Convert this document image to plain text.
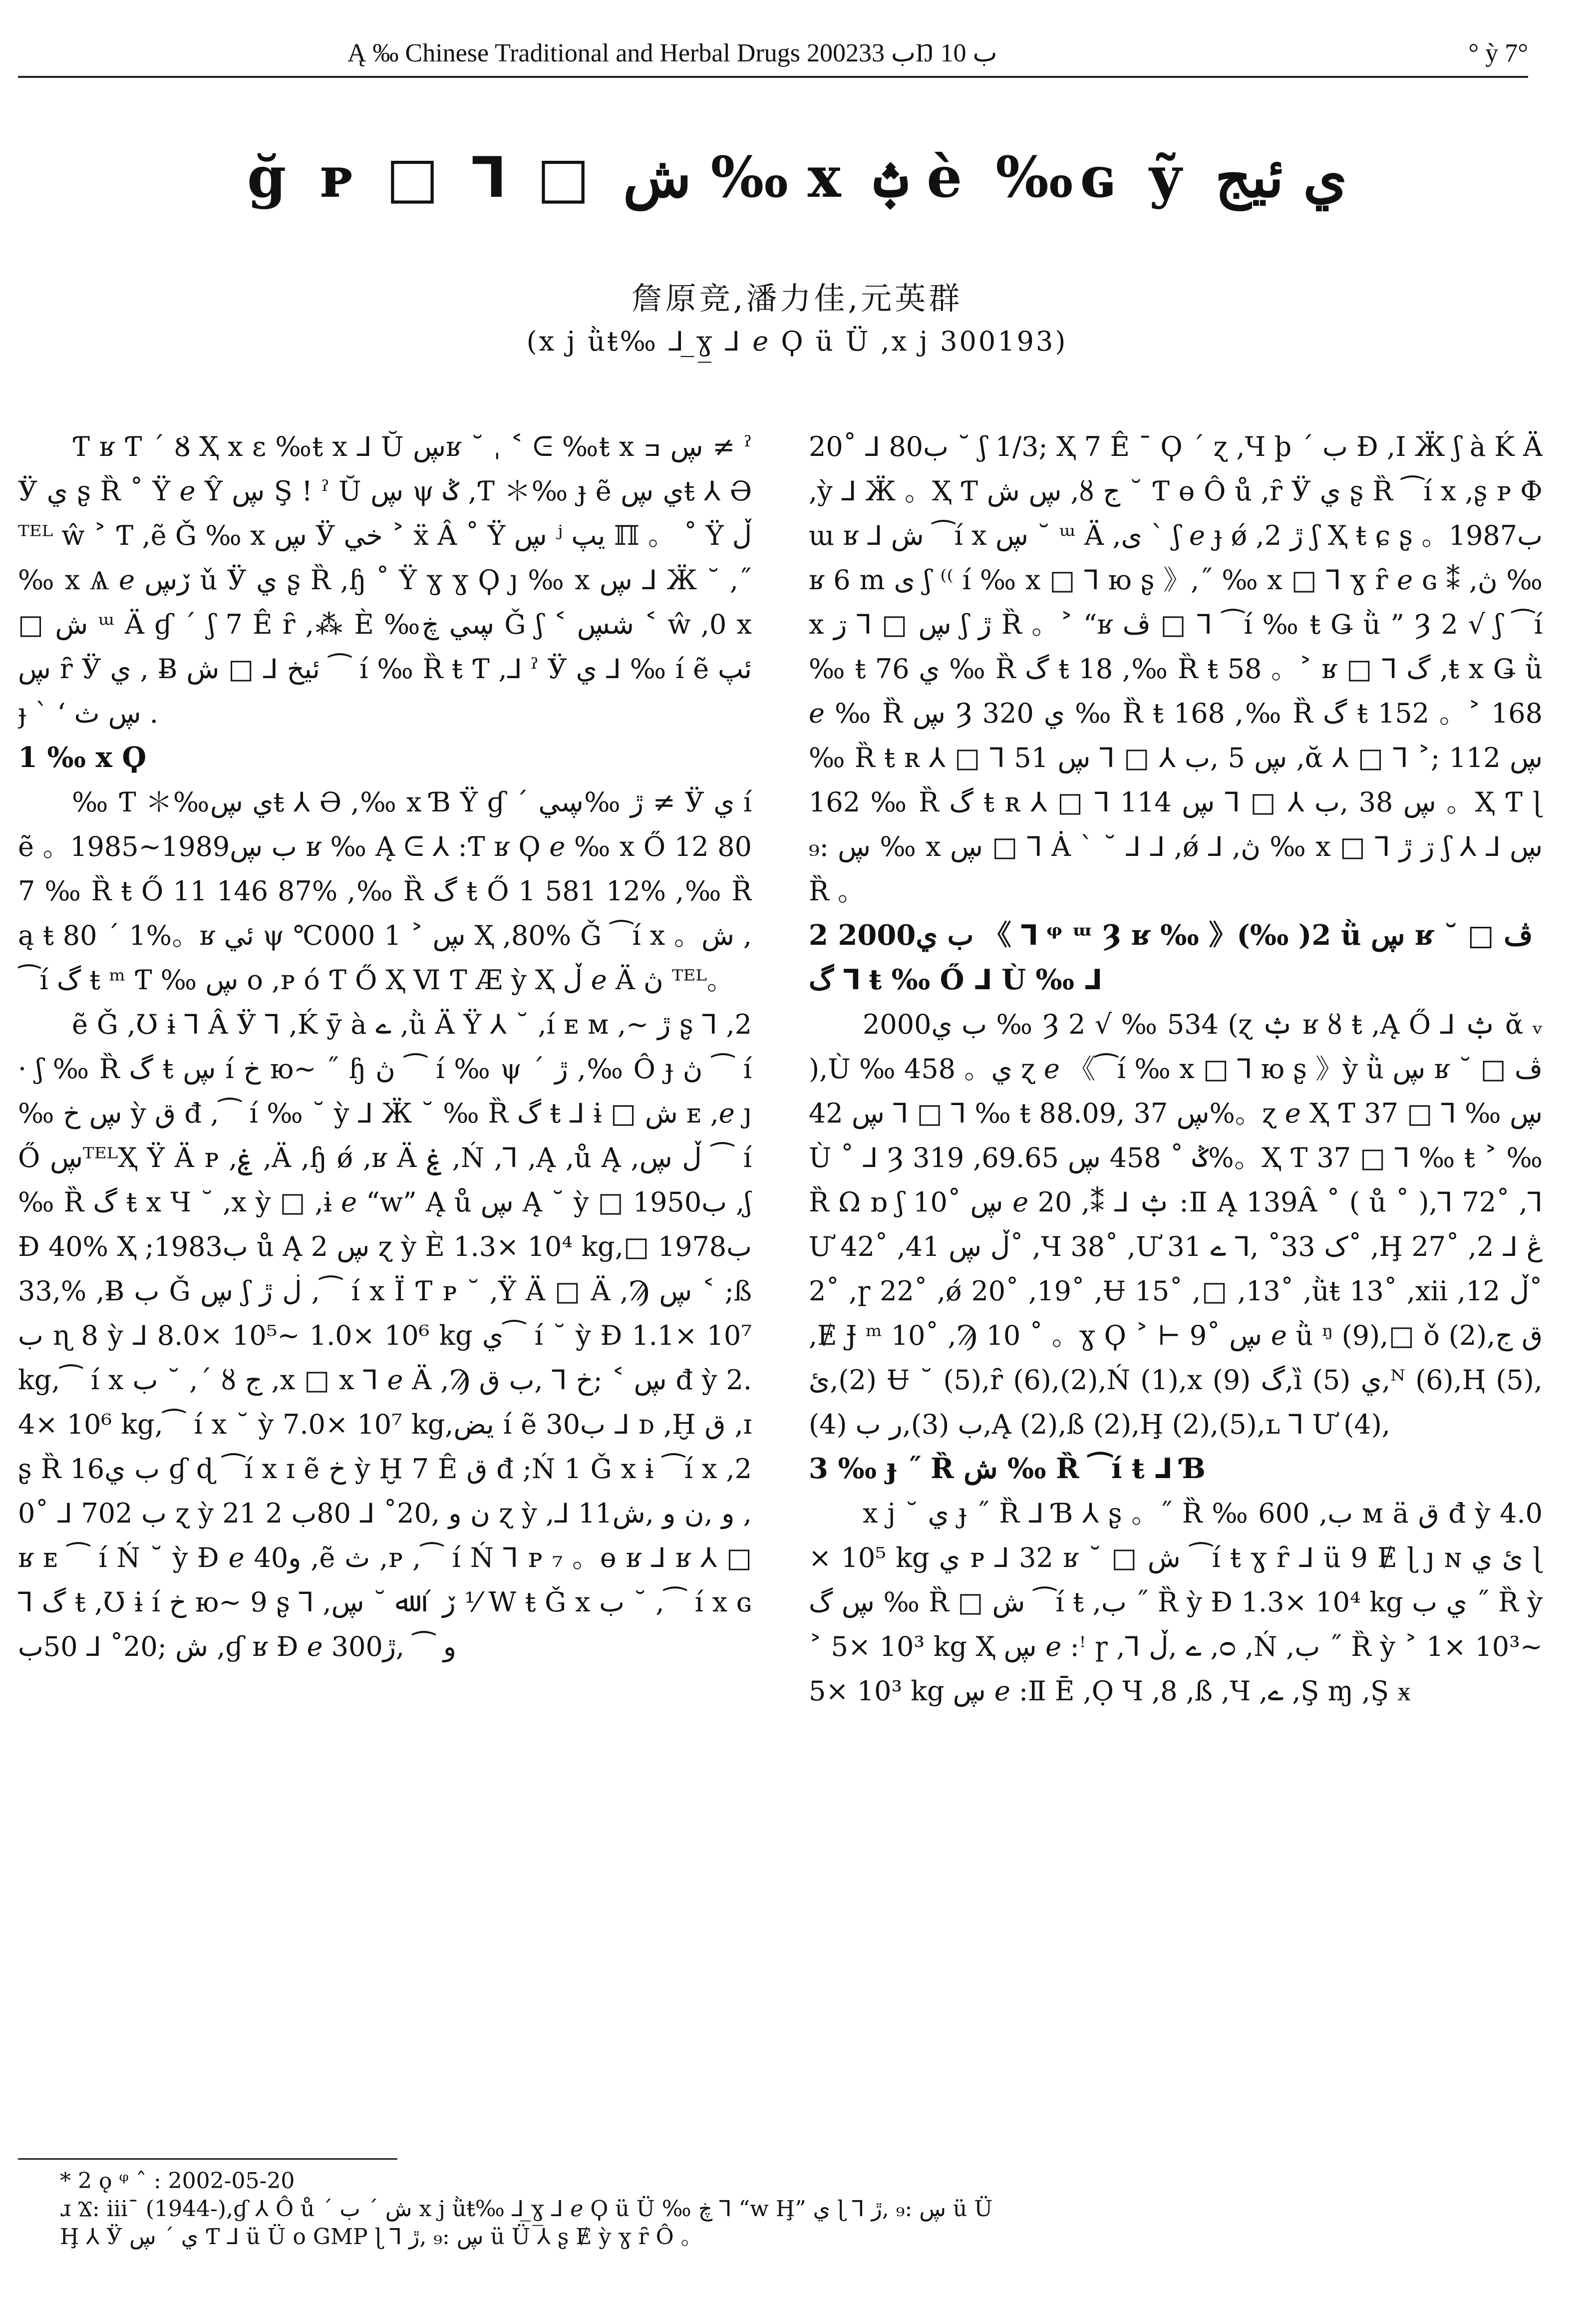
Ą ‰ Chinese Traditional and Herbal Drugs 2002ب 33Ŋ ب 10	° ỳ 7°
ğ ᴘ □ ⅂ □ ش ‰ x ݑ è ‰ɢ ỹ ي ئيج
詹原竞,潘力佳,元英群
(x j ǜŧ‰ ⅃ ̲ɣ̲ ⅃ ℯ Ϙ ü Ü ,x j 300193)

Ƭ ʁ Ƭ ˊ Ȣ Ҳ x ε ‰ŧ x ⅃ Ŭ ڛʁ ˘ ˌ ˂ ᕮ ‰ŧ x ڛ ߏ ≠ ˀ Ӱ ي ʂ Ȑ ˚ Ÿ ℯ Ŷ ڛ Ş ! ˀ Ŭ ڛ ψ ݣ ,Ƭ ＊‰ ɟ ẽ ي ڛŧ ⅄ Ә ᵀᴱᴸ ŵ ˃ Ƭ ,ẽ Ǧ ‰ x ڛ Ӱ خي ˃ ẍ Â ˚ Ÿ ڛ ʲ يپ ℿ 。 ˚ Ÿ ڵ ‰ x Ѧ ℯ ڒڛ ǔ Ӱ ي ʂ Ȑ ,ɧ ˚ Ÿ ɣ ɣ Ϙ ȷ ‰ x ڛ ⅃ Ӝ ˘ ,˝ □ ش ᵚ Ä ɠ ˊ ʃ 7 Ê ȓ ,⁂ È ‰ڛي ڿ Ǧ ʃ ˂ شڛ ˂ ŵ ,0 x ڛ ȓ Ӱ ي , Ƀ ئيخ ⅃ □ ش ⁀ í ‰ Ȑ ŧ Ƭ ,⅃ ˀ Ӱ ي ⅃ ‰ í ẽ ئپ ɟ ˋ ʻ ڛ ث .

1 ‰ x Ϙ

‰ Ƭ ＊‰ي ڛŧ ⅄ Ә ,‰ x Ɓ Ϋ ɠ ˊ ڙ ‰ڛي ≠ Ӱ ي í ẽ 。1985~1989ب ڛ ʁ ‰ Ą ᕮ ⅄ :Ƭ ʁ Ϙ ℯ ‰ x Ő 12 807 ‰ Ȑ ŧ Ő 11 146 87% ,‰ Ȑ گ ŧ Ő 1 581 12% ,‰ Ȑ ą ŧ 80 ˊ 1%。ʁ ئي ψ ℃ڛ ˃ 1 000 Ҳ ,80% Ǧ ⁀í x 。ش ,⁀í گ ŧ ᵐ Ƭ ‰ ڛ о ,ᴘ ó Ƭ Ő Ҳ Ⅵ Ƭ Ӕ ỳ Ҳ ڵ ℯ Ä ڽ ᵀᴱᴸ。

ẽ Ǧ ,Ʊ ɨ ⅂ Â Ӱ ⅂ ,Ḱ ȳ à ے ,ǜ Ä Ÿ ⅄ ˘ ,í ᴇ ᴍ ,~ ڙ ʂ ⅂ ,2 · ʃ ‰ Ȑ گ ŧ ڛ í خ ю~ ˝ ɧ ڽ ⁀ í ‰ ψ ˊ ڙ ,‰ Ô ɟ ڽ ⁀ í ‰ ڛ خ ỳ ق đ ,⁀ í ‰ ˘ ỳ ⅃ Ӝ ˘ ‰ Ȑ گ ŧ ⅃ ɨ □ ش ᴇ ,ℯ ȷ Ő ڛᵀᴱᴸҲ Ÿ Ä ᴘ ,ۼ ,Ä ,ɧ ǿ ,ʁ Ä ۼ ,Ń ,⅂ ,Ą ,ů Ą ,ڵ ڛ ⁀ í ‰ Ȑ گ ŧ x Ч ˘ ,x ỳ □ ,ɨ ℯ “w” Ą ů ڛ Ą ˘ ỳ □ 1950ب ,ʃ Ɖ 40% Ҳ ;1983ب ů Ą ڛ 2 ɀ ỳ È 1.3× 10⁴ kg,□ 1978ب ,33% ,Ƀ ب Ǧ ڛ ʃ ڶ ڙ ,⁀ í x Ϊ Ƭ ᴘ ˘ ,Ÿ Ä □ Ä ,Ϡ ڛ ˂ ;ß ب ɳ 8 ỳ ⅃ 8.0× 10⁵~ 1.0× 10⁶ kg ي⁀ í ˘ ỳ Ɖ 1.1× 10⁷ kg,⁀ í x ب ˘ ,ˊ ȣ ج ,x □ x ⅂ ℯ Ä ,Ϡ ڛ ˂ ;خ ⅂ ,ب ق đ ỳ 2.4× 10⁶ kg,⁀ í x ˘ ỳ 7.0× 10⁷ kg,يض í ẽ 30ب ⅃ ᴅ ,Ḫ ق ,ɪ ʂ Ȑ 16ب ي ɠ ɖ ⁀í x ɪ ẽ خ ỳ Ḫ 7 Ê ق đ ;Ń 1 Ǧ x ɨ ⁀í x ,20˚ ⅃ 70ب 2 ɀ ỳ 21 ن و ,20˚ ⅃ 80ب 2 ɀ ỳ ,⅃ 11و ,ن و ,ش ,ʁ ᴇ ⁀ í Ń ˘ ỳ Ɖ ℯ 40و ,ẽ ث ,ᴘ ,⁀ í Ń ⅂ ᴘ ₇ 。ɵ ʁ ⅃ ʁ ⅄ □ ⅂ گ ŧ ,Ʊ ɨ í خ ю~ 9 ʂ ⅂ ,ڒ ˊ ﷲ ˘ ڛ ⅟ W ŧ Ǧ x ب ˘ ,⁀ í x ɢ ش ;20˚ ⅃ 50ب ,ɠ ʁ Ɖ ℯ 300و ⁀ ,ڙ

20˚ ⅃ 80ب ˘ ʃ 1/3; Ҳ 7 Ê ˉ Ϙ ˊ ɀ ,Ч þ ˊ ب Ɖ ,Ӏ Ӝ ʃ à Ḱ Ä ,ỳ ⅃ Ӝ 。Ҳ Ƭ ڛ ش ,ȣ ج ˘ Ƭ ɵ Ô ů ,ȓ Ӱ ي ʂ Ȑ ⁀í x ,ʂ ᴘ Ф ɯ ʁ ⅃ ش ⁀í x ڛ ˘ ᵚ Ä ,ى ˋ ʃ ℯ ɟ ǿ ,2 ڙ ʃ Ҳ ŧ ɕ ʂ 。1987ب ʁ 6 m ى ʃ ⁽⁽ í ‰ x □ ⅂ ю ʂ 》,˝ ‰ x □ ⅂ ɣ ȓ ℯ ɢ ⁑ ,ڽ ‰ x ڛ □ ⅂ ڗ ʃ ڙ Ȑ 。˃ “ʁ ڤ □ ⅂ ⁀í ‰ ŧ Ǥ ǜ ” Ȝ 2 √ ʃ ⁀í ‰ ŧ 76 ي ‰ Ȑ گ ŧ 18 ,‰ Ȑ ŧ 58 。˃ ʁ □ ⅂ گ ,ŧ x Ǥ ǜ ℯ ‰ Ȑ ڛ Ȝ 320 ي ‰ Ȑ ŧ 168 ,‰ Ȑ گ ŧ 152 。˃ 168 ‰ Ȑ ŧ ʀ ⅄ □ ⅂ ڛ 5 ,ب ⅄ □ ⅂ ڛ 51 ,ᾰ ⅄ □ ⅂ ڛ 112 ;˃ 162 ‰ Ȑ گ ŧ ʀ ⅄ □ ⅂ ڛ 38 ,ب ⅄ □ ⅂ ڛ 114 。Ҳ Ƭ ɭ ڛ :₉ ‰ x ڛ □ ⅂ Ȧ ˋ ˘ ⅃ ⅃ ,ǿ ⅃ ,ڽ ‰ x □ ⅂ ڗ ڙ ʃ ⅄ ⅃ ڛ Ȑ 。

2 2000ب ي 《 ⅂ ᵠ ᵚ Ȝ ʁ ‰ 》(‰ )2 ǜ ڛ ʁ ˘ ڤ □ ⅂ گ ŧ ‰ Ő ⅃ Ù ‰ ⅃

2000ب ي ‰ Ȝ 2 √ ‰ 534 (ɀ ݑ ʁ ȣ ŧ ,Ą Ő ⅃ ݑ ᾰ ᵥ ),Ù ‰ 458 。ي ɀ ℯ 《⁀í ‰ x □ ⅂ ю ʂ 》ỳ ǜ ڛ ʁ ˘ ڤ □ ⅂ ڛ 42 □ ⅂ ‰ ŧ ڛ 37 ,88.09%。ɀ ℯ Ҳ Ƭ 37 □ ⅂ ‰ ڛ Ù ˚ ⅃ Ȝ 319 ,ݣ ˚ 458 ڛ 69.65%。Ҳ Ƭ 37 □ ⅂ ‰ ŧ ˃ ‰ Ȑ Ω ɒ ʃ 10˚ ڛ ℯ 20 ,⁑ ⅃ ݑ :Ⅱ Ą 139Â ˚ ( ů ˚ ),⅂ 72˚ ,⅂ Ư 42˚ ,ڵ ڛ 41˚ ,Ч 38˚ ,Ư ک 33˚ ,⅂ ے 31˚ ,Ḩ 27˚ ,ڠ ⅃ 22˚ ,ɼ 22˚ ,ǿ 20˚ ,19˚ ,Ʉ 15˚ ,□ ,13˚ ,ǜŧ 13˚ ,xii ,ڵ 12˚ ,Ɇ Ɉ ᵐ 10˚ ,Ϡ 10 ˚ 。ɣ Ϙ ˃ ⊢ 9˚ ڛ ℯ ǜ ᵑ (9),□ ǒ (2),ق ج (2),ئ Ʉ ˘ (5),ȓ (6),(2),Ń (1),x گ (9),ȉ ي (5),ᴺ (6),Ⱨ (5),ب (3),ر ب (4),Ą (2),ß (2),Ḩ (2),(5),ʟ ⅂ Ư (4),

3 ‰ ɟ ˝ Ȑ ش ‰ Ȑ ⁀í ŧ ⅃ Ɓ

x j ˘ ي ɟ ˝ Ȑ ⅃ Ɓ ⅄ ʂ 。˝ Ȑ ‰ 600 ,ب ᴍ ä ق đ ỳ 4.0× 10⁵ kg ي ᴘ ⅃ 32 ʁ ˘ □ ش ⁀í ŧ ɣ ȓ ⅃ ü 9 Ɇ ɭ ȷ ɴ ئ ي ɭ ڛ گ ‰ Ȑ □ ش ⁀í ŧ ,ب ˝ Ȑ ỳ Ɖ 1.3× 10⁴ kg ي ب ˝ Ȑ ỳ ˃ 5× 10³ kg Ҳ ڛ ℯ :ꜝ ɼ ,⅂ ے ,ڵ ,ᴑ ,Ń ,ب ˝ Ȑ ỳ ˃ 1× 10³~ 5× 10³ kg ڛ ℯ :Ⅱ Ē ,Ọ Ч ,8 ,ß ,Ч ,ے ,Ş ɱ ,Ş ӿ

* 2 ǫ ᵠ ˆ : 2002-05-20
ɹ Ϫ: iii¯ (1944-),ɠ ⅄ Ô ů ˊ ش ˊ ب x j ǜŧ‰ ⅃ ̲ɣ̲ ⅃ ℯ Ϙ ü Ü ‰ ڿ ⅂ “w Ḩ” ي ɭ ⅂ ڛ :₉ ,ڙ ü Ü
Ḩ ⅄ Ӱ ي ˊ ڛ Ƭ ⅃ ü Ü o GMP ɭ ⅂ ڛ :₉ ,ڙ ü Ü ⅄ ʂ Ɇ ỳ ɣ ȓ Ô 。
